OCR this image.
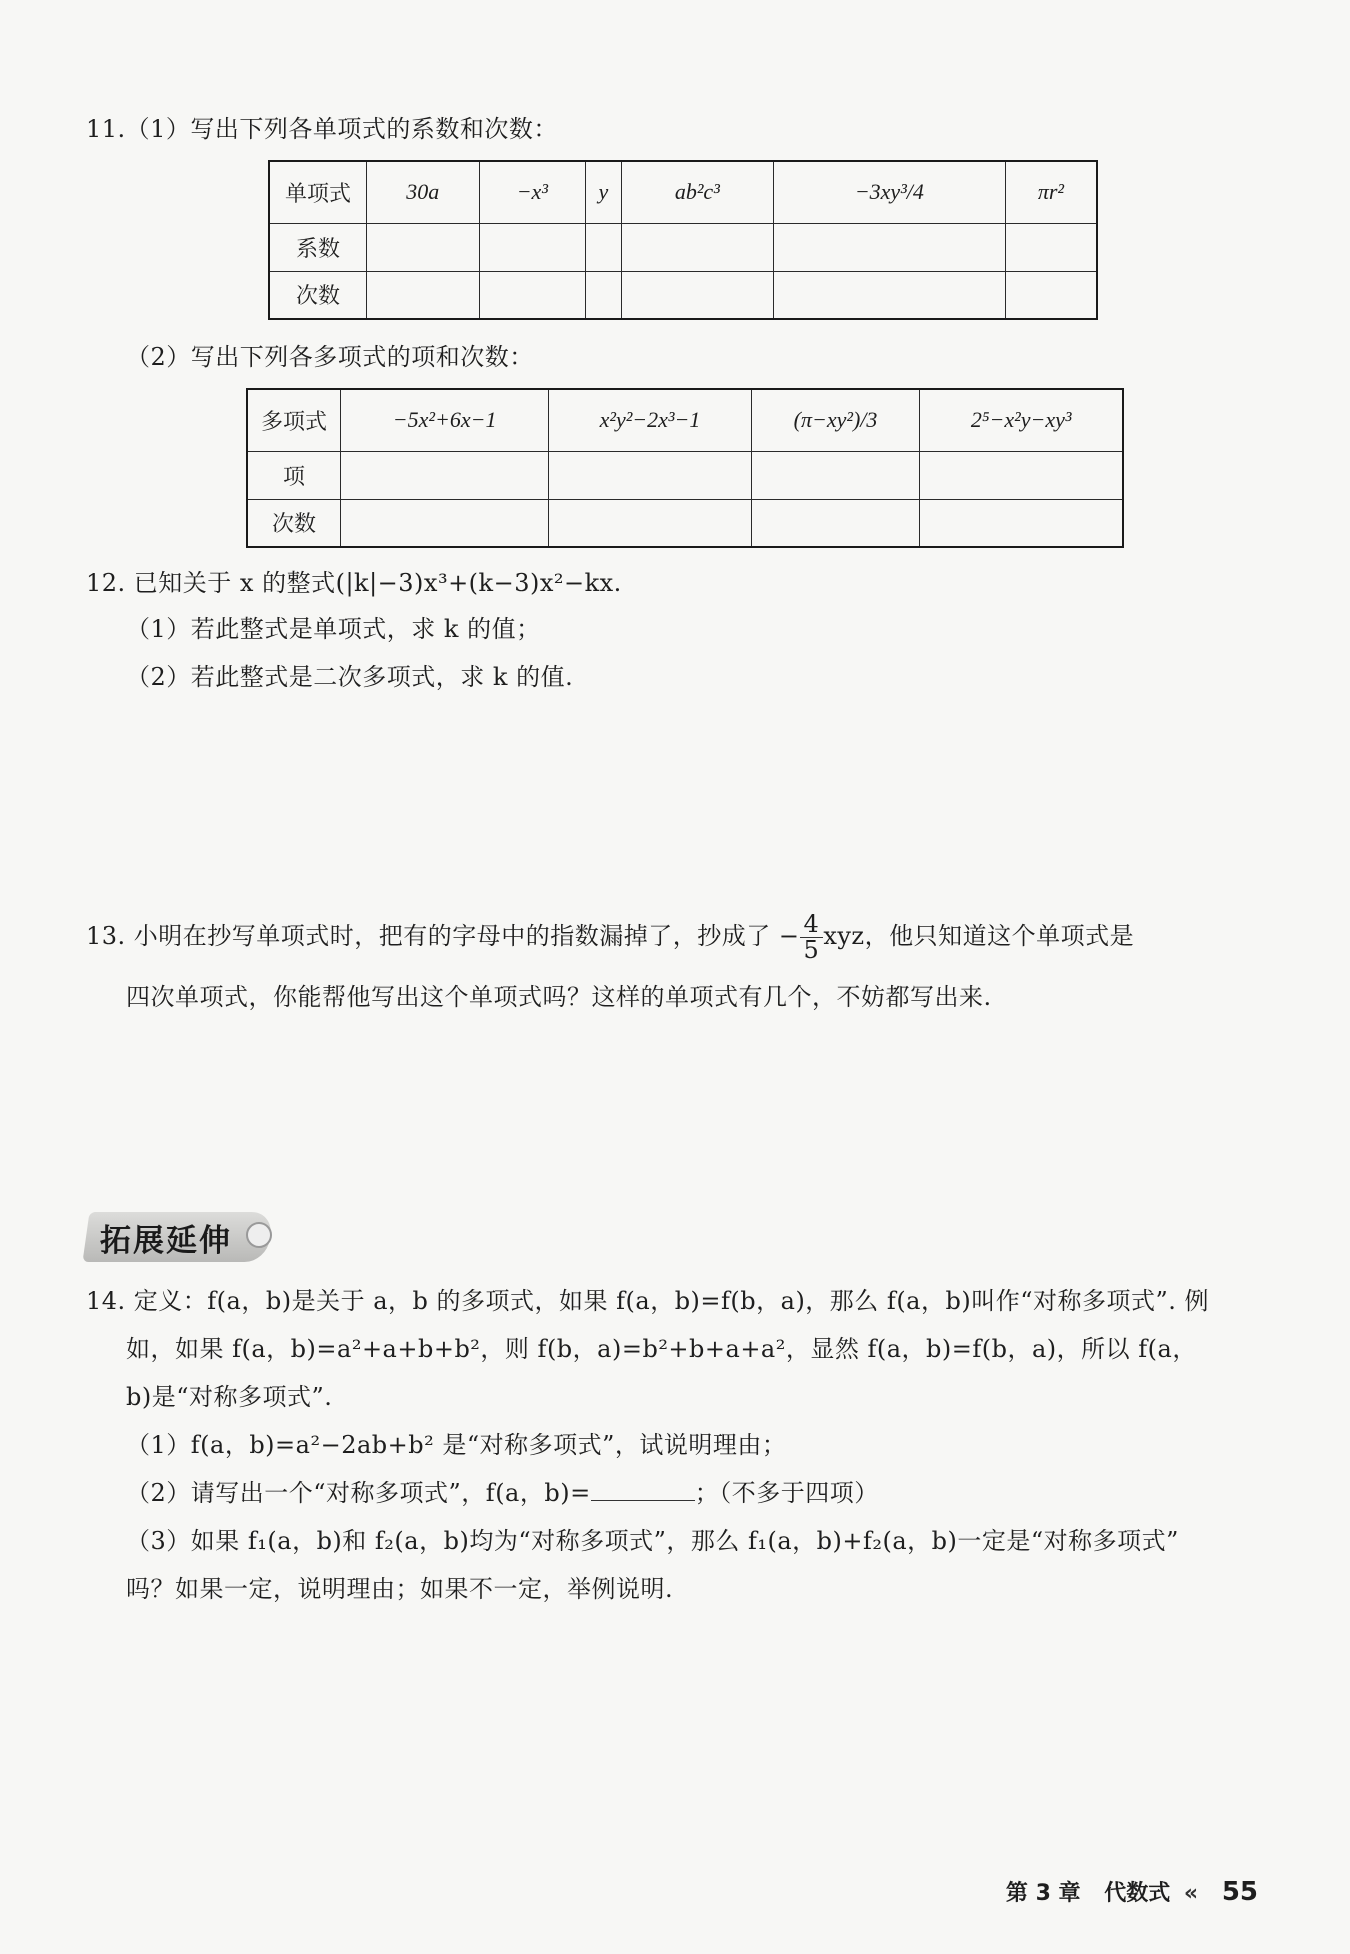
11.（1）写出下列各单项式的系数和次数：
单项式	30a	−x³	y	ab²c³	−3xy³/4	πr²
系数						
次数						
（2）写出下列各多项式的项和次数：
多项式	−5x²+6x−1	x²y²−2x³−1	(π−xy²)/3	2⁵−x²y−xy³
项				
次数				
12. 已知关于 x 的整式(|k|−3)x³+(k−3)x²−kx.
（1）若此整式是单项式，求 k 的值；
（2）若此整式是二次多项式，求 k 的值.
13. 小明在抄写单项式时，把有的字母中的指数漏掉了，抄成了 − $\frac{4}{5}$ xyz，他只知道这个单项式是
四次单项式，你能帮他写出这个单项式吗？这样的单项式有几个，不妨都写出来.
拓展延伸
14. 定义：f(a，b)是关于 a，b 的多项式，如果 f(a，b)=f(b，a)，那么 f(a，b)叫作“对称多项式”. 例
如，如果 f(a，b)=a²+a+b+b²，则 f(b，a)=b²+b+a+a²，显然 f(a，b)=f(b，a)，所以 f(a，
b)是“对称多项式”.
（1）f(a，b)=a²−2ab+b² 是“对称多项式”，试说明理由；
（2）请写出一个“对称多项式”，f(a，b)=	；（不多于四项）
（3）如果 f₁(a，b)和 f₂(a，b)均为“对称多项式”，那么 f₁(a，b)+f₂(a，b)一定是“对称多项式”
吗？如果一定，说明理由；如果不一定，举例说明.
第 3 章 代数式 « 55
